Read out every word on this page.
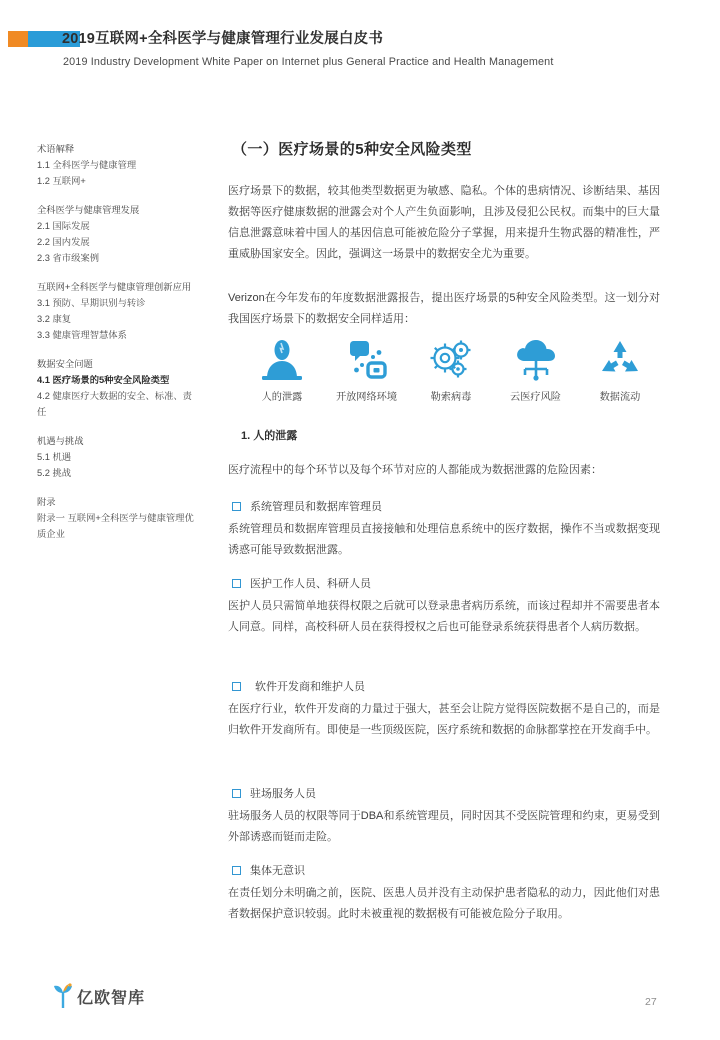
2019互联网+全科医学与健康管理行业发展白皮书
2019 Industry Development White Paper on Internet plus General Practice and Health Management
术语解释
1.1 全科医学与健康管理
1.2 互联网+
全科医学与健康管理发展
2.1 国际发展
2.2 国内发展
2.3 省市级案例
互联网+全科医学与健康管理创新应用
3.1 预防、早期识别与转诊
3.2 康复
3.3 健康管理智慧体系
数据安全问题
4.1 医疗场景的5种安全风险类型
4.2 健康医疗大数据的安全、标准、责任
机遇与挑战
5.1 机遇
5.2 挑战
附录
附录一 互联网+全科医学与健康管理优质企业
（一）医疗场景的5种安全风险类型
医疗场景下的数据，较其他类型数据更为敏感、隐私。个体的患病情况、诊断结果、基因数据等医疗健康数据的泄露会对个人产生负面影响，且涉及侵犯公民权。而集中的巨大量信息泄露意味着中国人的基因信息可能被危险分子掌握，用来提升生物武器的精准性，严重威胁国家安全。因此，强调这一场景中的数据安全尤为重要。
Verizon在今年发布的年度数据泄露报告，提出医疗场景的5种安全风险类型。这一划分对我国医疗场景下的数据安全同样适用：
人的泄露	开放网络环境	勒索病毒	云医疗风险	数据流动
1. 人的泄露
医疗流程中的每个环节以及每个环节对应的人都能成为数据泄露的危险因素：
系统管理员和数据库管理员
系统管理员和数据库管理员直接接触和处理信息系统中的医疗数据，操作不当或数据变现诱惑可能导致数据泄露。
医护工作人员、科研人员
医护人员只需简单地获得权限之后就可以登录患者病历系统，而该过程却并不需要患者本人同意。同样，高校科研人员在获得授权之后也可能登录系统获得患者个人病历数据。
软件开发商和维护人员
在医疗行业，软件开发商的力量过于强大，甚至会让院方觉得医院数据不是自己的，而是归软件开发商所有。即使是一些顶级医院，医疗系统和数据的命脉都掌控在开发商手中。
驻场服务人员
驻场服务人员的权限等同于DBA和系统管理员，同时因其不受医院管理和约束，更易受到外部诱惑而铤而走险。
集体无意识
在责任划分未明确之前，医院、医患人员并没有主动保护患者隐私的动力，因此他们对患者数据保护意识较弱。此时未被重视的数据极有可能被危险分子取用。
亿欧智库	27
